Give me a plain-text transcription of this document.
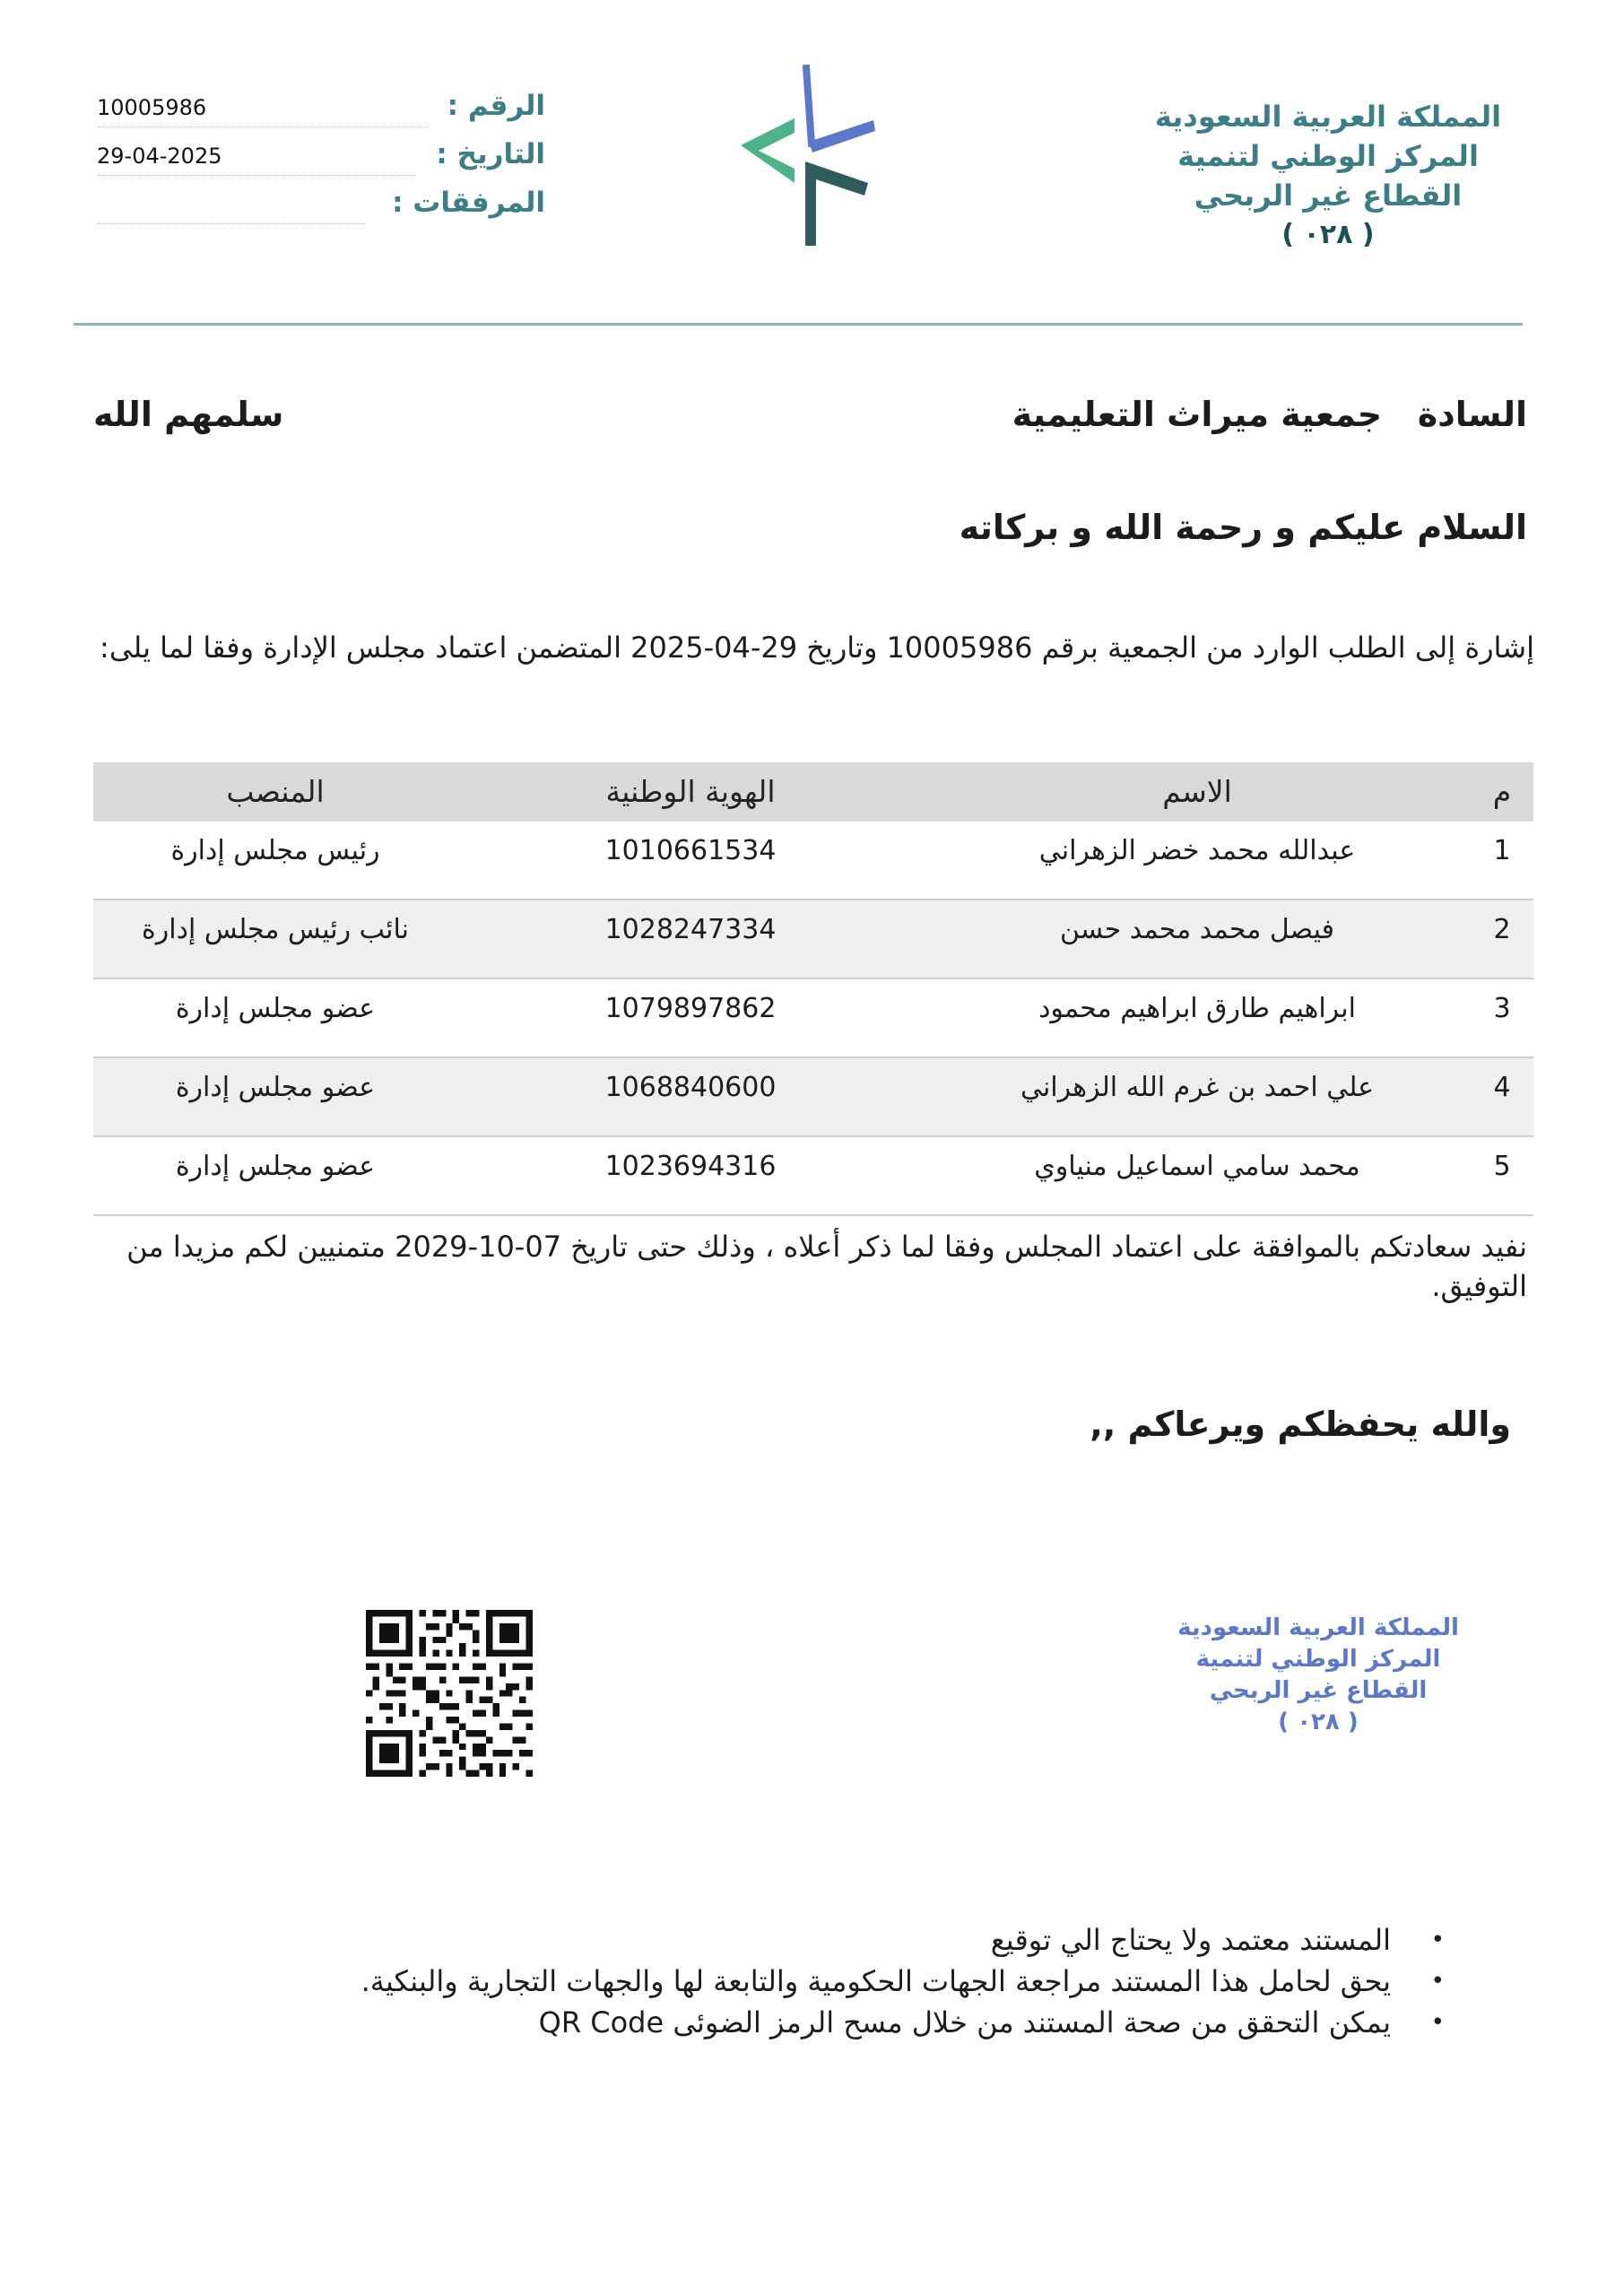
10005986	الرقم :
29-04-2025	التاريخ :
المرفقات :
المملكة العربية السعودية
المركز الوطني لتنمية
القطاع غير الربحي
( ٠٢٨ )
السادة   جمعية ميراث التعليمية
سلمهم الله
السلام عليكم و رحمة الله و بركاته
إشارة إلى الطلب الوارد من الجمعية برقم 10005986 وتاريخ 29-04-2025 المتضمن اعتماد مجلس الإدارة وفقا لما يلى:
م
الاسم
الهوية الوطنية
المنصب
1
عبدالله محمد خضر الزهراني
1010661534
رئيس مجلس إدارة
2
فيصل محمد محمد حسن
1028247334
نائب رئيس مجلس إدارة
3
ابراهيم طارق ابراهيم محمود
1079897862
عضو مجلس إدارة
4
علي احمد بن غرم الله الزهراني
1068840600
عضو مجلس إدارة
5
محمد سامي اسماعيل منياوي
1023694316
عضو مجلس إدارة
نفيد سعادتكم بالموافقة على اعتماد المجلس وفقا لما ذكر أعلاه ، وذلك حتى تاريخ 07-10-2029 متمنيين لكم مزيدا من التوفيق.
والله يحفظكم ويرعاكم ,,
المملكة العربية السعودية
المركز الوطني لتنمية
القطاع غير الربحي
( ٠٢٨ )
•
المستند معتمد ولا يحتاج الي توقيع
•
يحق لحامل هذا المستند مراجعة الجهات الحكومية والتابعة لها والجهات التجارية والبنكية.
•
يمكن التحقق من صحة المستند من خلال مسح الرمز الضوئى QR Code
